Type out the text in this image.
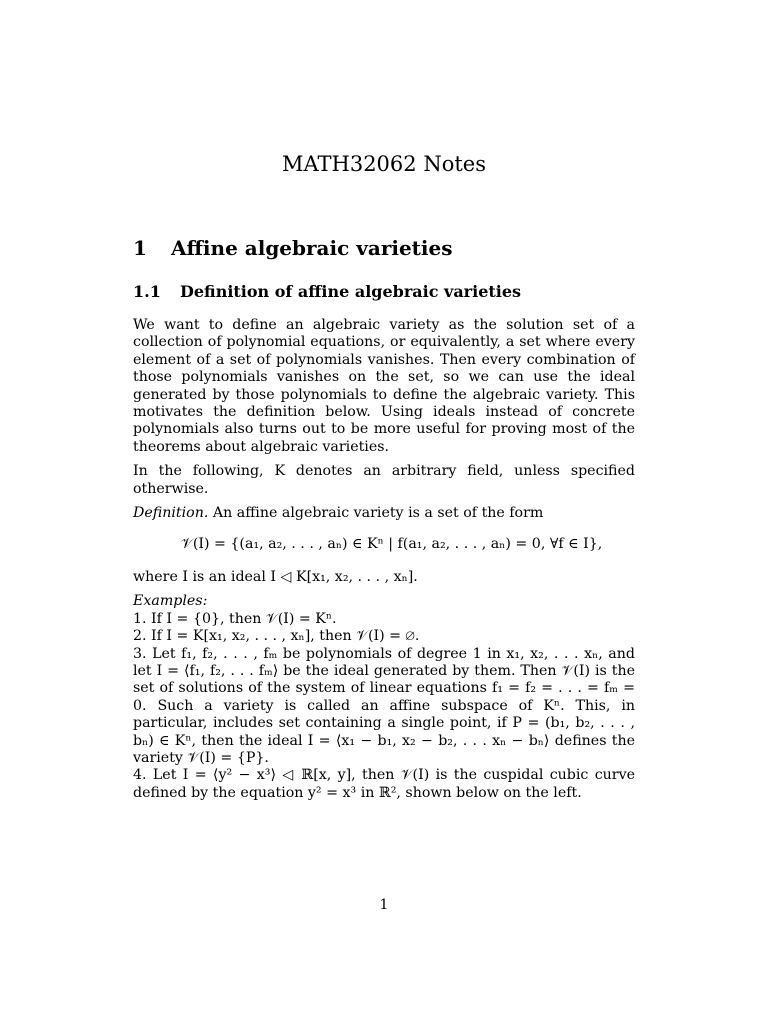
MATH32062 Notes
1 Affine algebraic varieties
1.1 Definition of affine algebraic varieties

We want to define an algebraic variety as the solution set of a collection of polynomial equations, or equivalently, a set where every element of a set of polynomials vanishes. Then every combination of those polynomials vanishes on the set, so we can use the ideal generated by those polynomials to define the algebraic variety. This motivates the definition below. Using ideals instead of concrete polynomials also turns out to be more useful for proving most of the theorems about algebraic varieties.

In the following, K denotes an arbitrary field, unless specified otherwise.

Definition. An affine algebraic variety is a set of the form

𝒱(I) = {(a₁, a₂, . . . , aₙ) ∈ Kⁿ | f(a₁, a₂, . . . , aₙ) = 0, ∀f ∈ I},

where I is an ideal I ◁ K[x₁, x₂, . . . , xₙ].

Examples:
1. If I = {0}, then 𝒱(I) = Kⁿ.
2. If I = K[x₁, x₂, . . . , xₙ], then 𝒱(I) = ∅.
3. Let f₁, f₂, . . . , fₘ be polynomials of degree 1 in x₁, x₂, . . . xₙ, and let I = ⟨f₁, f₂, . . . fₘ⟩ be the ideal generated by them. Then 𝒱(I) is the set of solutions of the system of linear equations f₁ = f₂ = . . . = fₘ = 0. Such a variety is called an affine subspace of Kⁿ. This, in particular, includes set containing a single point, if P = (b₁, b₂, . . . , bₙ) ∈ Kⁿ, then the ideal I = ⟨x₁ − b₁, x₂ − b₂, . . . xₙ − bₙ⟩ defines the variety 𝒱(I) = {P}.
4. Let I = ⟨y² − x³⟩ ◁ ℝ[x, y], then 𝒱(I) is the cuspidal cubic curve defined by the equation y² = x³ in ℝ², shown below on the left.
1
